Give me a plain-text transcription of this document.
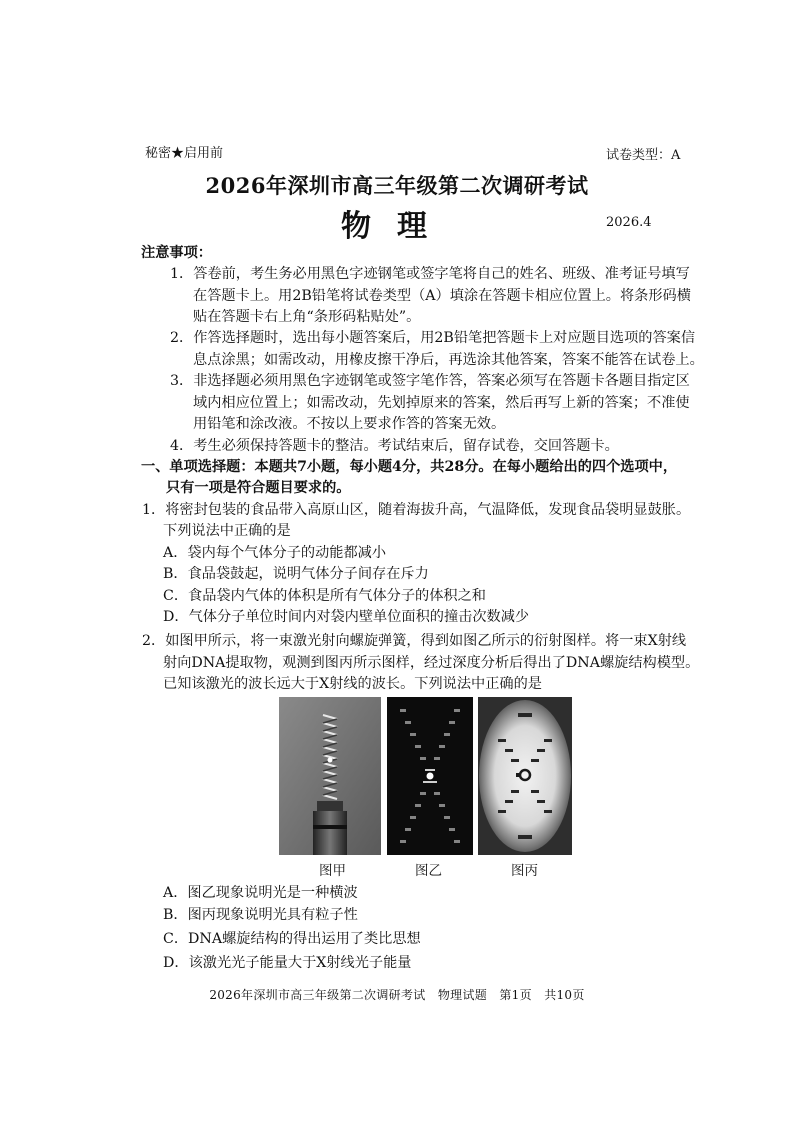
秘密★启用前	试卷类型：A
2026年深圳市高三年级第二次调研考试
物理	2026.4
注意事项：
1．答卷前，考生务必用黑色字迹钢笔或签字笔将自己的姓名、班级、准考证号填写
在答题卡上。用2B铅笔将试卷类型（A）填涂在答题卡相应位置上。将条形码横
贴在答题卡右上角“条形码粘贴处”。
2．作答选择题时，选出每小题答案后，用2B铅笔把答题卡上对应题目选项的答案信
息点涂黑；如需改动，用橡皮擦干净后，再选涂其他答案，答案不能答在试卷上。
3．非选择题必须用黑色字迹钢笔或签字笔作答，答案必须写在答题卡各题目指定区
域内相应位置上；如需改动，先划掉原来的答案，然后再写上新的答案；不准使
用铅笔和涂改液。不按以上要求作答的答案无效。
4．考生必须保持答题卡的整洁。考试结束后，留存试卷，交回答题卡。
一、单项选择题：本题共7小题，每小题4分，共28分。在每小题给出的四个选项中，
只有一项是符合题目要求的。
1．将密封包装的食品带入高原山区，随着海拔升高，气温降低，发现食品袋明显鼓胀。
下列说法中正确的是
A．袋内每个气体分子的动能都减小
B．食品袋鼓起，说明气体分子间存在斥力
C．食品袋内气体的体积是所有气体分子的体积之和
D．气体分子单位时间内对袋内壁单位面积的撞击次数减少
2．如图甲所示，将一束激光射向螺旋弹簧，得到如图乙所示的衍射图样。将一束X射线
射向DNA提取物，观测到图丙所示图样，经过深度分析后得出了DNA螺旋结构模型。
已知该激光的波长远大于X射线的波长。下列说法中正确的是
图甲	图乙	图丙
A．图乙现象说明光是一种横波
B．图丙现象说明光具有粒子性
C．DNA螺旋结构的得出运用了类比思想
D．该激光光子能量大于X射线光子能量
2026年深圳市高三年级第二次调研考试　物理试题　第1页　共10页
